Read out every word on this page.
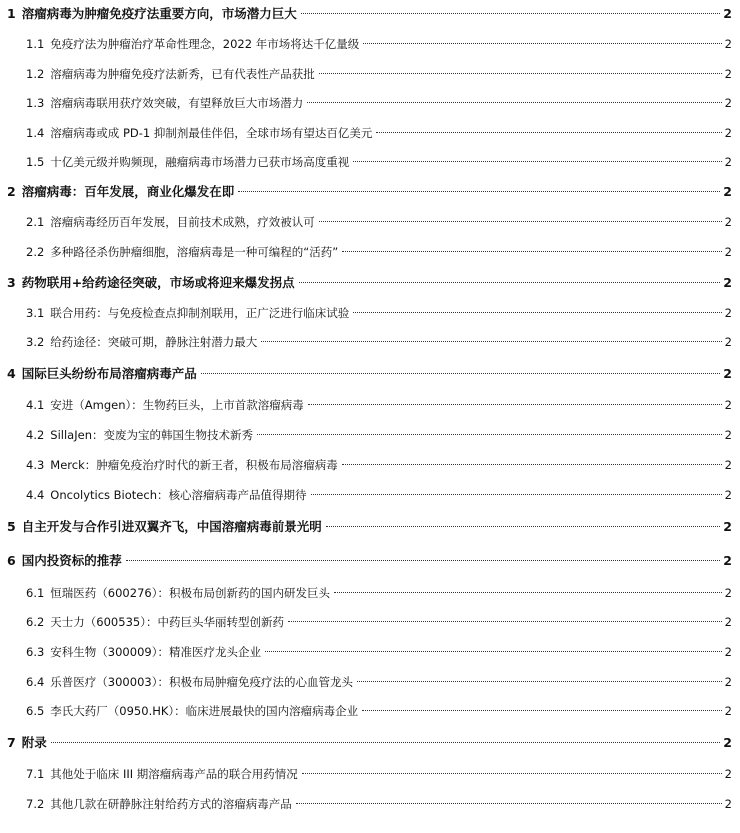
1 溶瘤病毒为肿瘤免疫疗法重要方向，市场潜力巨大	2
1.1 免疫疗法为肿瘤治疗革命性理念，2022 年市场将达千亿量级	2
1.2 溶瘤病毒为肿瘤免疫疗法新秀，已有代表性产品获批	2
1.3 溶瘤病毒联用获疗效突破，有望释放巨大市场潜力	2
1.4 溶瘤病毒或成 PD-1 抑制剂最佳伴侣，全球市场有望达百亿美元	2
1.5 十亿美元级并购频现，融瘤病毒市场潜力已获市场高度重视	2
2 溶瘤病毒：百年发展，商业化爆发在即	2
2.1 溶瘤病毒经历百年发展，目前技术成熟，疗效被认可	2
2.2 多种路径杀伤肿瘤细胞，溶瘤病毒是一种可编程的“活药”	2
3 药物联用+给药途径突破，市场或将迎来爆发拐点	2
3.1 联合用药：与免疫检查点抑制剂联用，正广泛进行临床试验	2
3.2 给药途径：突破可期，静脉注射潜力最大	2
4 国际巨头纷纷布局溶瘤病毒产品	2
4.1 安进（Amgen）：生物药巨头，上市首款溶瘤病毒	2
4.2 SillaJen：变废为宝的韩国生物技术新秀	2
4.3 Merck：肿瘤免疫治疗时代的新王者，积极布局溶瘤病毒	2
4.4 Oncolytics Biotech：核心溶瘤病毒产品值得期待	2
5 自主开发与合作引进双翼齐飞，中国溶瘤病毒前景光明	2
6 国内投资标的推荐	2
6.1 恒瑞医药（600276）：积极布局创新药的国内研发巨头	2
6.2 天士力（600535）：中药巨头华丽转型创新药	2
6.3 安科生物（300009）：精准医疗龙头企业	2
6.4 乐普医疗（300003）：积极布局肿瘤免疫疗法的心血管龙头	2
6.5 李氏大药厂（0950.HK）：临床进展最快的国内溶瘤病毒企业	2
7 附录	2
7.1 其他处于临床 III 期溶瘤病毒产品的联合用药情况	2
7.2 其他几款在研静脉注射给药方式的溶瘤病毒产品	2
